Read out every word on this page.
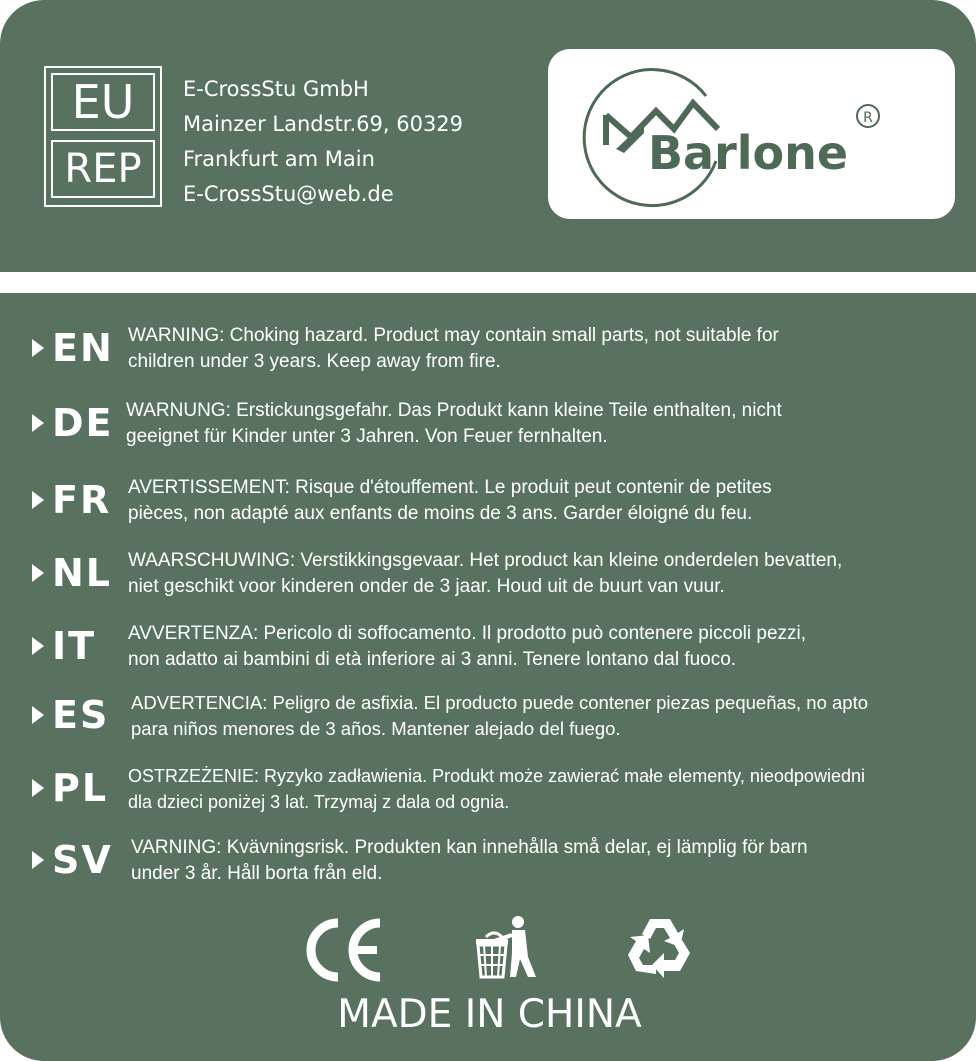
EU
REP
E-CrossStu GmbH
Mainzer Landstr.69, 60329
Frankfurt am Main
E-CrossStu@web.de
Barlone
R
EN WARNING: Choking hazard. Product may contain small parts, not suitable for
children under 3 years. Keep away from fire.
DE WARNUNG: Erstickungsgefahr. Das Produkt kann kleine Teile enthalten, nicht
geeignet für Kinder unter 3 Jahren. Von Feuer fernhalten.
FR AVERTISSEMENT: Risque d'étouffement. Le produit peut contenir de petites
pièces, non adapté aux enfants de moins de 3 ans. Garder éloigné du feu.
NL WAARSCHUWING: Verstikkingsgevaar. Het product kan kleine onderdelen bevatten,
niet geschikt voor kinderen onder de 3 jaar. Houd uit de buurt van vuur.
IT AVVERTENZA: Pericolo di soffocamento. Il prodotto può contenere piccoli pezzi,
non adatto ai bambini di età inferiore ai 3 anni. Tenere lontano dal fuoco.
ES ADVERTENCIA: Peligro de asfixia. El producto puede contener piezas pequeñas, no apto
para niños menores de 3 años. Mantener alejado del fuego.
PL OSTRZEŻENIE: Ryzyko zadławienia. Produkt może zawierać małe elementy, nieodpowiedni
dla dzieci poniżej 3 lat. Trzymaj z dala od ognia.
SV VARNING: Kvävningsrisk. Produkten kan innehålla små delar, ej lämplig för barn
under 3 år. Håll borta från eld.
MADE IN CHINA
